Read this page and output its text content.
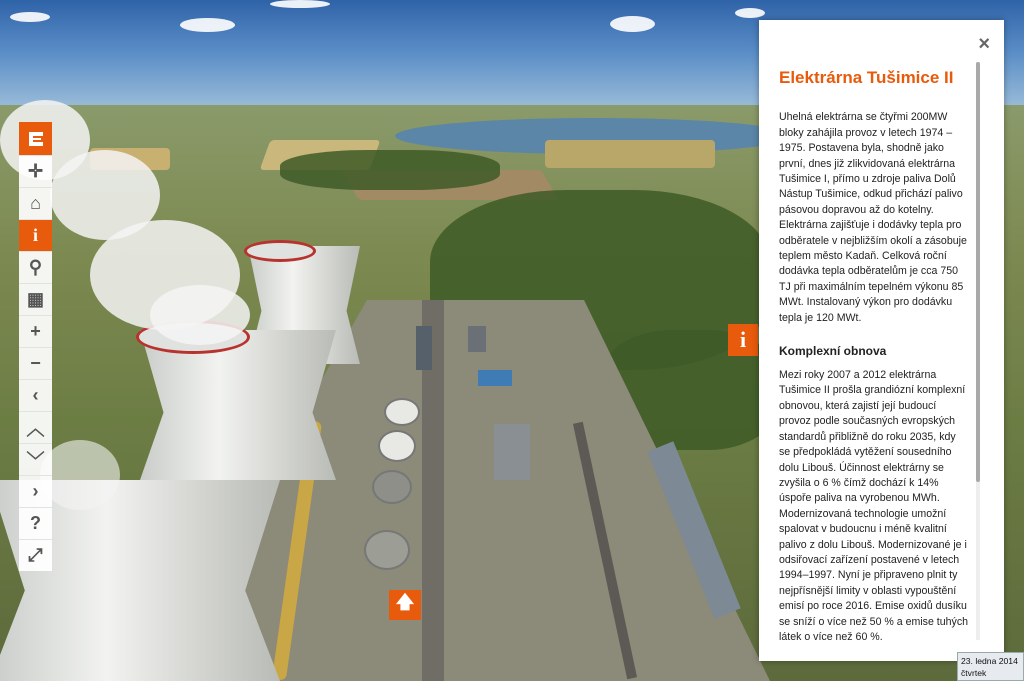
✛
⌂
i
⚲
▦
+
−
‹
︿
﹀
›
?
⤢
i
🡅
×
Elektrárna Tušimice II
Uhelná elektrárna se čtyřmi 200MW bloky zahájila provoz v letech 1974 – 1975. Postavena byla, shodně jako první, dnes již zlikvidovaná elektrárna Tušimice I, přímo u zdroje paliva Dolů Nástup Tušimice, odkud přichází palivo pásovou dopravou až do kotelny. Elektrárna zajišťuje i dodávky tepla pro odběratele v nejbližším okolí a zásobuje teplem město Kadaň. Celková roční dodávka tepla odběratelům je cca 750 TJ při maximálním tepelném výkonu 85 MWt. Instalovaný výkon pro dodávku tepla je 120 MWt.
Komplexní obnova
Mezi roky 2007 a 2012 elektrárna Tušimice II prošla grandiózní komplexní obnovou, která zajistí její budoucí provoz podle současných evropských standardů přibližně do roku 2035, kdy se předpokládá vytěžení sousedního dolu Libouš. Účinnost elektrárny se zvyšila o 6 % čímž dochází k 14% úspoře paliva na vyrobenou MWh. Modernizovaná technologie umožní spalovat v budoucnu i méně kvalitní palivo z dolu Libouš. Modernizované je i odsiřovací zařízení postavené v letech 1994–1997. Nyní je připraveno plnit ty nejpřísnější limity v oblasti vypouštění emisí po roce 2016. Emise oxidů dusíku se sníží o více než 50 % a emise tuhých látek o více než 60 %.
23. ledna 2014
čtvrtek
